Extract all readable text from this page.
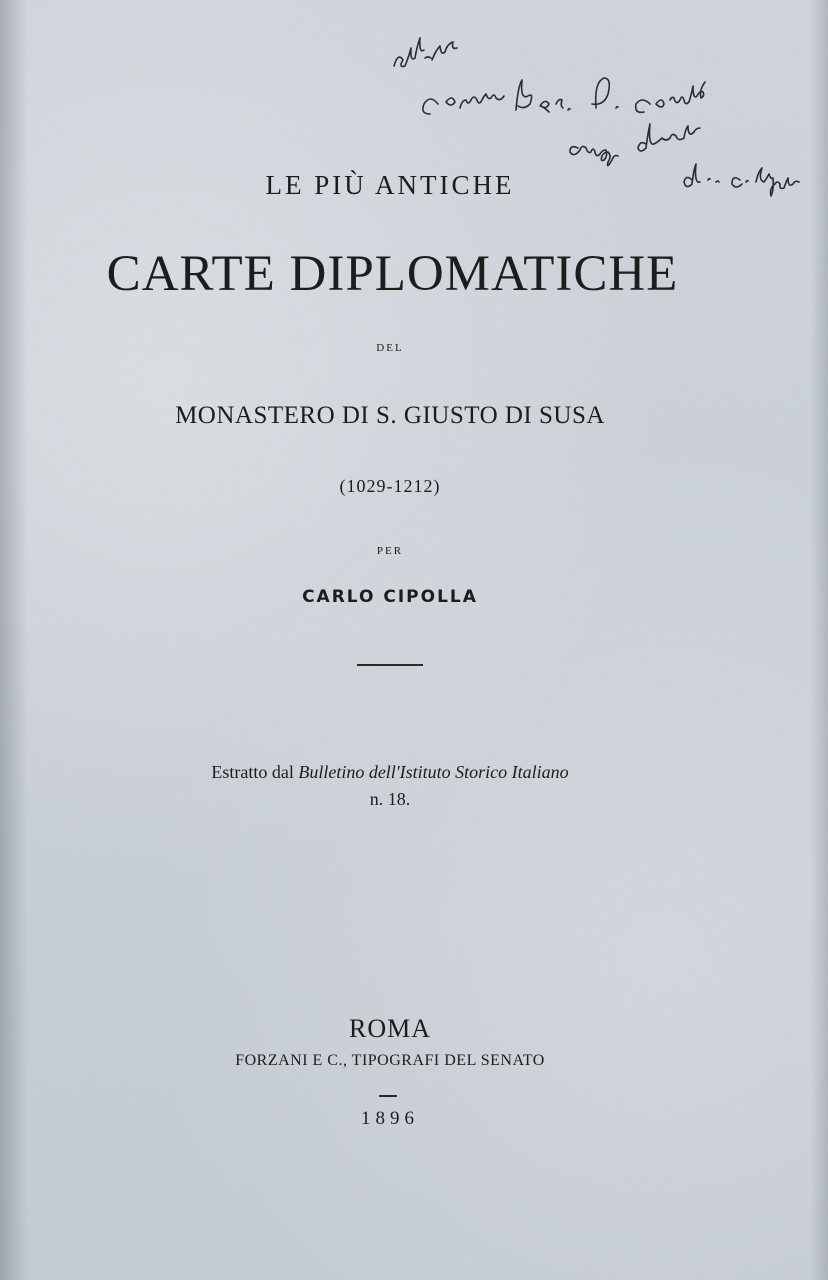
LE PIÙ ANTICHE
CARTE DIPLOMATICHE
DEL
MONASTERO DI S. GIUSTO DI SUSA
(1029-1212)
PER
CARLO CIPOLLA
Estratto dal Bulletino dell'Istituto Storico Italiano
n. 18.
ROMA
FORZANI E C., TIPOGRAFI DEL SENATO
1896
